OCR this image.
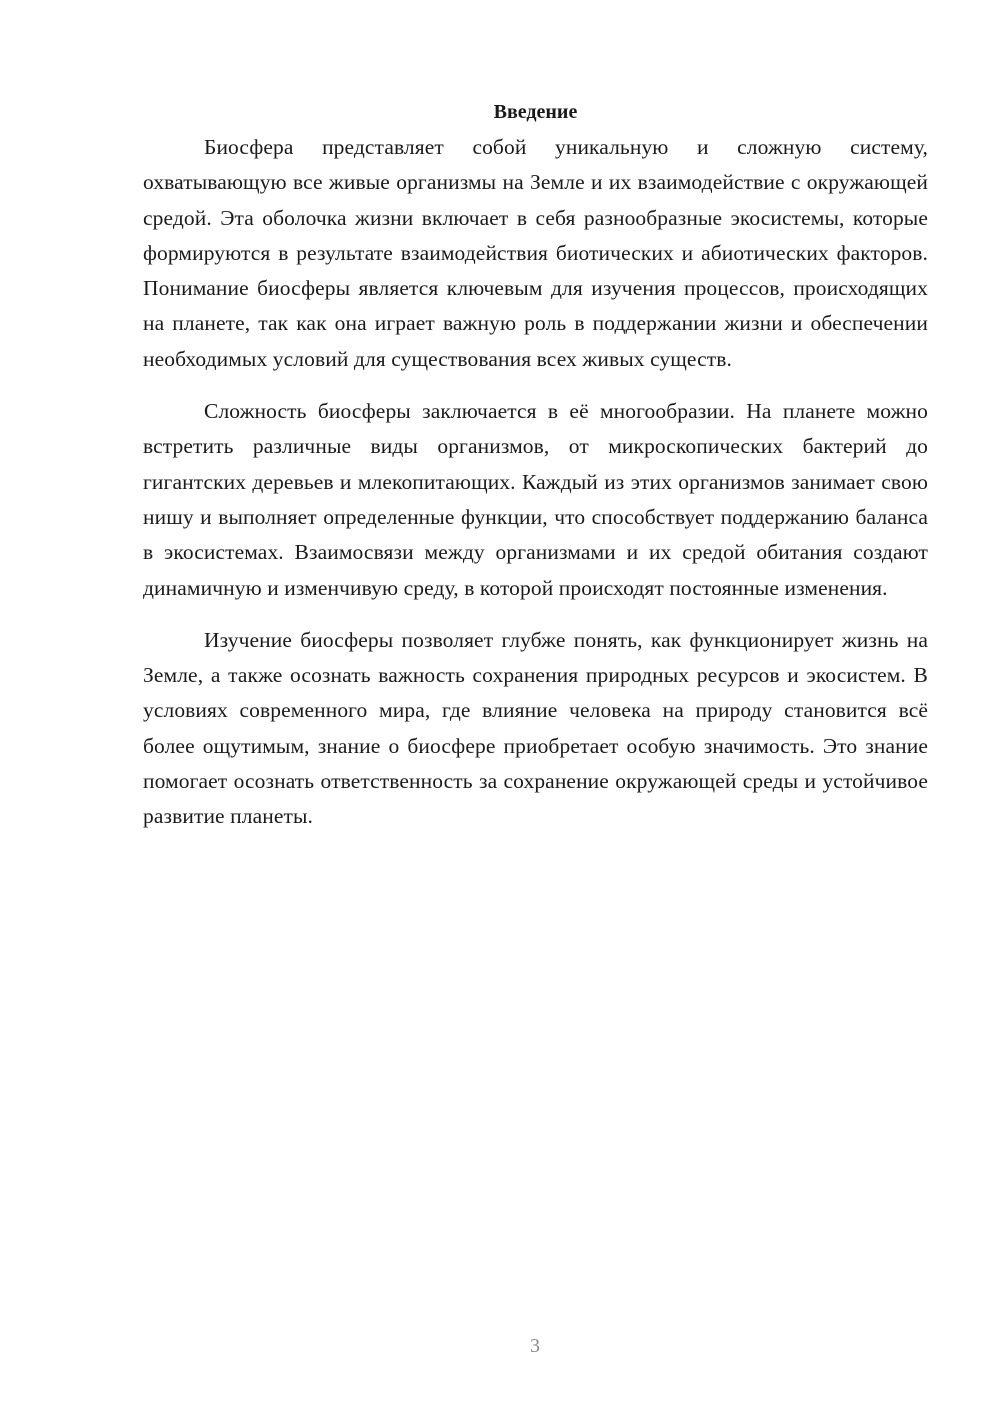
Введение

Биосфера представляет собой уникальную и сложную систему, охватывающую все живые организмы на Земле и их взаимодействие с окружающей средой. Эта оболочка жизни включает в себя разнообразные экосистемы, которые формируются в результате взаимодействия биотических и абиотических факторов. Понимание биосферы является ключевым для изучения процессов, происходящих на планете, так как она играет важную роль в поддержании жизни и обеспечении необходимых условий для существования всех живых существ.

Сложность биосферы заключается в её многообразии. На планете можно встретить различные виды организмов, от микроскопических бактерий до гигантских деревьев и млекопитающих. Каждый из этих организмов занимает свою нишу и выполняет определенные функции, что способствует поддержанию баланса в экосистемах. Взаимосвязи между организмами и их средой обитания создают динамичную и изменчивую среду, в которой происходят постоянные изменения.

Изучение биосферы позволяет глубже понять, как функционирует жизнь на Земле, а также осознать важность сохранения природных ресурсов и экосистем. В условиях современного мира, где влияние человека на природу становится всё более ощутимым, знание о биосфере приобретает особую значимость. Это знание помогает осознать ответственность за сохранение окружающей среды и устойчивое развитие планеты.

3
